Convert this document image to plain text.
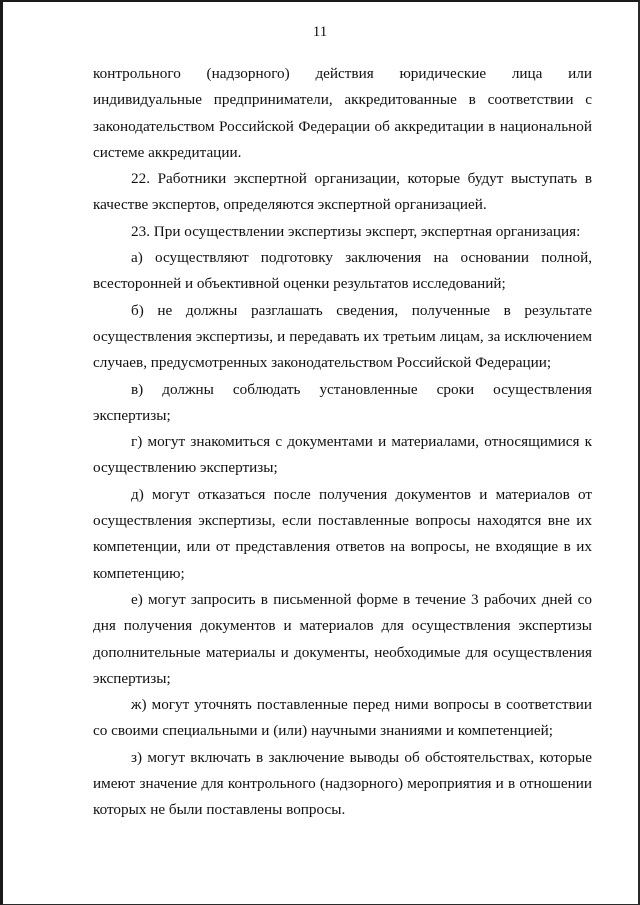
11

контрольного (надзорного) действия юридические лица или индивидуальные предприниматели, аккредитованные в соответствии с законодательством Российской Федерации об аккредитации в национальной системе аккредитации.

22. Работники экспертной организации, которые будут выступать в качестве экспертов, определяются экспертной организацией.

23. При осуществлении экспертизы эксперт, экспертная организация:

а) осуществляют подготовку заключения на основании полной, всесторонней и объективной оценки результатов исследований;

б) не должны разглашать сведения, полученные в результате осуществления экспертизы, и передавать их третьим лицам, за исключением случаев, предусмотренных законодательством Российской Федерации;

в) должны соблюдать установленные сроки осуществления экспертизы;

г) могут знакомиться с документами и материалами, относящимися к осуществлению экспертизы;

д) могут отказаться после получения документов и материалов от осуществления экспертизы, если поставленные вопросы находятся вне их компетенции, или от представления ответов на вопросы, не входящие в их компетенцию;

е) могут запросить в письменной форме в течение 3 рабочих дней со дня получения документов и материалов для осуществления экспертизы дополнительные материалы и документы, необходимые для осуществления экспертизы;

ж) могут уточнять поставленные перед ними вопросы в соответствии со своими специальными и (или) научными знаниями и компетенцией;

з) могут включать в заключение выводы об обстоятельствах, которые имеют значение для контрольного (надзорного) мероприятия и в отношении которых не были поставлены вопросы.
